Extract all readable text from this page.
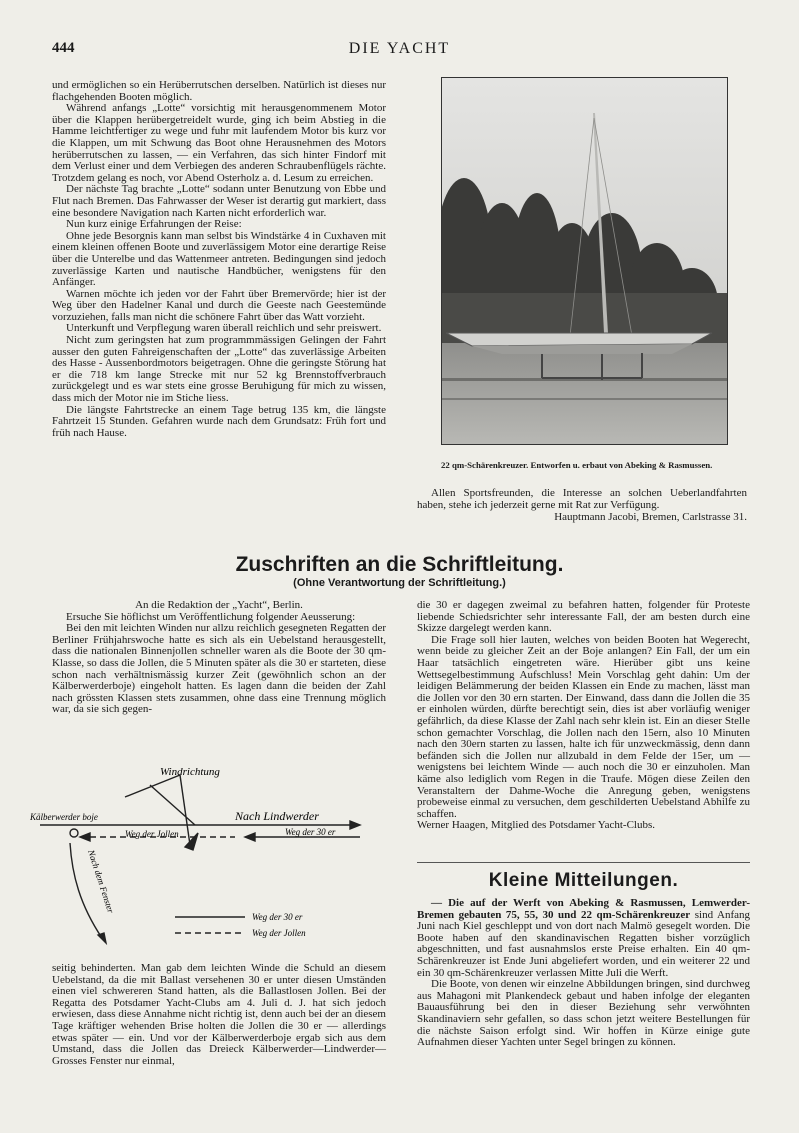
444	DIE YACHT

und ermöglichen so ein Herüberrutschen derselben. Natürlich ist dieses nur flachgehenden Booten möglich.

Während anfangs „Lotte“ vorsichtig mit herausgenommenem Motor über die Klappen herübergetreidelt wurde, ging ich beim Abstieg in die Hamme leichtfertiger zu wege und fuhr mit laufendem Motor bis kurz vor die Klappen, um mit Schwung das Boot ohne Herausnehmen des Motors herüberrutschen zu lassen, — ein Verfahren, das sich hinter Findorf mit dem Verlust einer und dem Verbiegen des anderen Schraubenflügels rächte. Trotzdem gelang es noch, vor Abend Osterholz a. d. Lesum zu erreichen.

Der nächste Tag brachte „Lotte“ sodann unter Benutzung von Ebbe und Flut nach Bremen. Das Fahrwasser der Weser ist derartig gut markiert, dass eine besondere Navigation nach Karten nicht erforderlich war.

Nun kurz einige Erfahrungen der Reise:

Ohne jede Besorgnis kann man selbst bis Windstärke 4 in Cuxhaven mit einem kleinen offenen Boote und zuverlässigem Motor eine derartige Reise über die Unterelbe und das Wattenmeer antreten. Bedingungen sind jedoch zuverlässige Karten und nautische Handbücher, wenigstens für den Anfänger.

Warnen möchte ich jeden vor der Fahrt über Bremervörde; hier ist der Weg über den Hadelner Kanal und durch die Geeste nach Geestemünde vorzuziehen, falls man nicht die schönere Fahrt über das Watt vorzieht.

Unterkunft und Verpflegung waren überall reichlich und sehr preiswert.

Nicht zum geringsten hat zum programmmässigen Gelingen der Fahrt ausser den guten Fahreigenschaften der „Lotte“ das zuverlässige Arbeiten des Hasse - Aussenbordmotors beigetragen. Ohne die geringste Störung hat er die 718 km lange Strecke mit nur 52 kg Brennstoffverbrauch zurückgelegt und es war stets eine grosse Beruhigung für mich zu wissen, dass mich der Motor nie im Stiche liess.

Die längste Fahrtstrecke an einem Tage betrug 135 km, die längste Fahrtzeit 15 Stunden. Gefahren wurde nach dem Grundsatz: Früh fort und früh nach Hause.

22 qm-Schärenkreuzer. Entworfen u. erbaut von Abeking & Rasmussen.

Allen Sportsfreunden, die Interesse an solchen Ueberlandfahrten haben, stehe ich jederzeit gerne mit Rat zur Verfügung.

Hauptmann Jacobi, Bremen, Carlstrasse 31.

Zuschriften an die Schriftleitung.
(Ohne Verantwortung der Schriftleitung.)

An die Redaktion der „Yacht“, Berlin.

Ersuche Sie höflichst um Veröffentlichung folgender Aeusserung:

Bei den mit leichten Winden nur allzu reichlich gesegneten Regatten der Berliner Frühjahrswoche hatte es sich als ein Uebelstand herausgestellt, dass die nationalen Binnenjollen schneller waren als die Boote der 30 qm-Klasse, so dass die Jollen, die 5 Minuten später als die 30 er starteten, diese schon nach verhältnismässig kurzer Zeit (gewöhnlich schon an der Kälberwerderboje) eingeholt hatten. Es lagen dann die beiden der Zahl nach grössten Klassen stets zusammen, ohne dass eine Trennung möglich war, da sie sich gegen-

Windrichtung
Kälberwerder boje	Nach Lindwerder
Weg der Jollen	Weg der 30 er
Nach dem Fenster
Weg der 30 er
Weg der Jollen

seitig behinderten. Man gab dem leichten Winde die Schuld an diesem Uebelstand, da die mit Ballast versehenen 30 er unter diesen Umständen einen viel schwereren Stand hatten, als die Ballastlosen Jollen. Bei der Regatta des Potsdamer Yacht-Clubs am 4. Juli d. J. hat sich jedoch erwiesen, dass diese Annahme nicht richtig ist, denn auch bei der an diesem Tage kräftiger wehenden Brise holten die Jollen die 30 er — allerdings etwas später — ein. Und vor der Kälberwerderboje ergab sich aus dem Umstand, dass die Jollen das Dreieck Kälberwerder—Lindwerder—Grosses Fenster nur einmal,

die 30 er dagegen zweimal zu befahren hatten, folgender für Proteste liebende Schiedsrichter sehr interessante Fall, der am besten durch eine Skizze dargelegt werden kann.

Die Frage soll hier lauten, welches von beiden Booten hat Wegerecht, wenn beide zu gleicher Zeit an der Boje anlangen? Ein Fall, der um ein Haar tatsächlich eingetreten wäre. Hierüber gibt uns keine Wettsegelbestimmung Aufschluss! Mein Vorschlag geht dahin: Um der leidigen Belämmerung der beiden Klassen ein Ende zu machen, lässt man die Jollen vor den 30 ern starten. Der Einwand, dass dann die Jollen die 35 er einholen würden, dürfte berechtigt sein, dies ist aber vorläufig weniger gefährlich, da diese Klasse der Zahl nach sehr klein ist. Ein an dieser Stelle schon gemachter Vorschlag, die Jollen nach den 15ern, also 10 Minuten nach den 30ern starten zu lassen, halte ich für unzweckmässig, denn dann befänden sich die Jollen nur allzubald in dem Felde der 15er, um — wenigstens bei leichtem Winde — auch noch die 30 er einzuholen. Man käme also lediglich vom Regen in die Traufe. Mögen diese Zeilen den Veranstaltern der Dahme-Woche die Anregung geben, wenigstens probeweise einmal zu versuchen, dem geschilderten Uebelstand Abhilfe zu schaffen.

Werner Haagen, Mitglied des Potsdamer Yacht-Clubs.

Kleine Mitteilungen.

— Die auf der Werft von Abeking & Rasmussen, Lemwerder-Bremen gebauten 75, 55, 30 und 22 qm-Schärenkreuzer sind Anfang Juni nach Kiel geschleppt und von dort nach Malmö gesegelt worden. Die Boote haben auf den skandinavischen Regatten bisher vorzüglich abgeschnitten, und fast ausnahmslos erste Preise erhalten. Ein 40 qm-Schärenkreuzer ist Ende Juni abgeliefert worden, und ein weiterer 22 und ein 30 qm-Schärenkreuzer verlassen Mitte Juli die Werft.

Die Boote, von denen wir einzelne Abbildungen bringen, sind durchweg aus Mahagoni mit Plankendeck gebaut und haben infolge der eleganten Bauausführung bei den in dieser Beziehung sehr verwöhnten Skandinaviern sehr gefallen, so dass schon jetzt weitere Bestellungen für die nächste Saison erfolgt sind. Wir hoffen in Kürze einige gute Aufnahmen dieser Yachten unter Segel bringen zu können.
